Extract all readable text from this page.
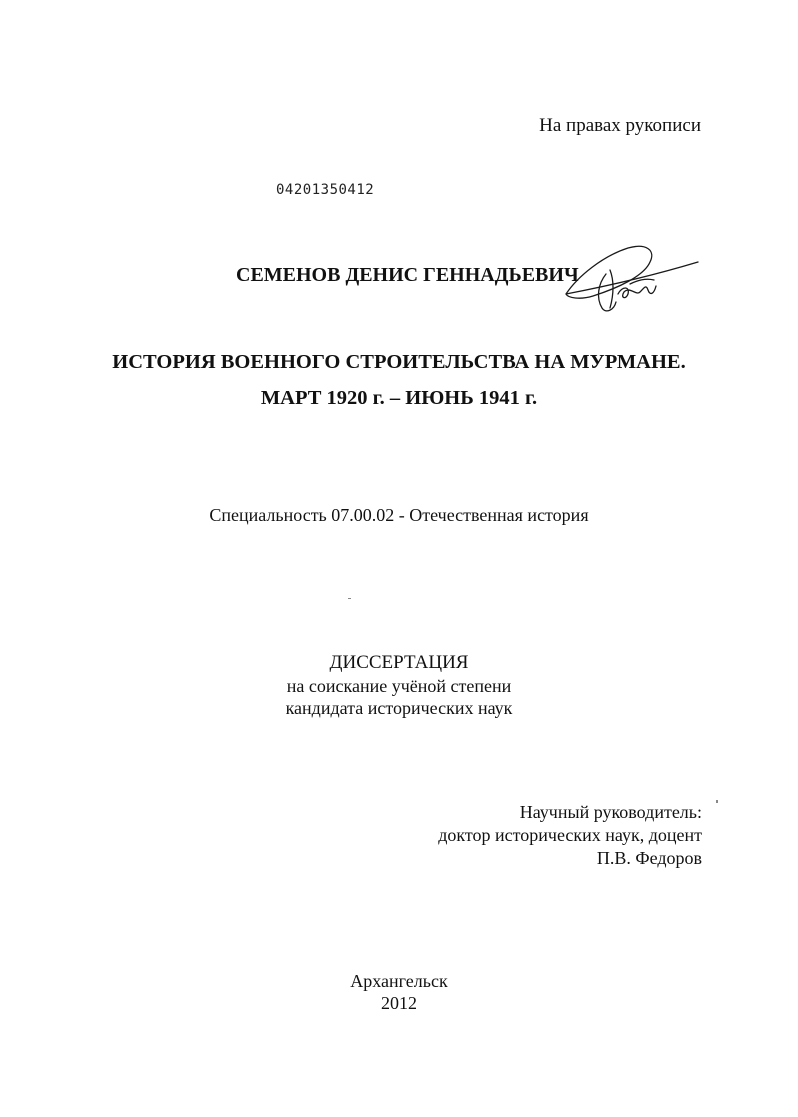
На правах рукописи
04201350412
СЕМЕНОВ ДЕНИС ГЕННАДЬЕВИЧ
ИСТОРИЯ ВОЕННОГО СТРОИТЕЛЬСТВА НА МУРМАНЕ.
МАРТ 1920 г. – ИЮНЬ 1941 г.
Специальность 07.00.02 - Отечественная история
ДИССЕРТАЦИЯ
на соискание учёной степени
кандидата исторических наук
Научный руководитель:
доктор исторических наук, доцент
П.В. Федоров
Архангельск
2012
